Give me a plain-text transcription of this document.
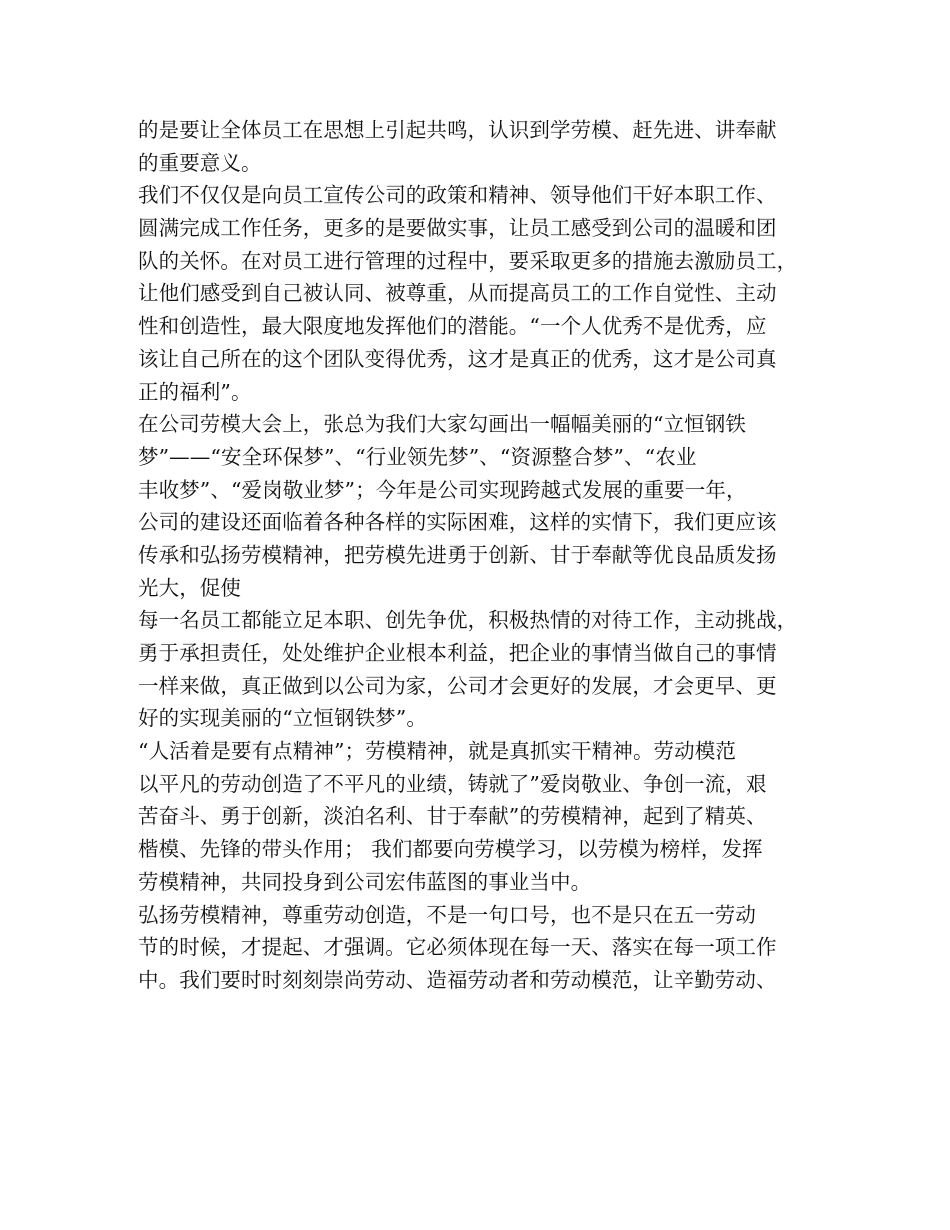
的是要让全体员工在思想上引起共鸣，认识到学劳模、赶先进、讲奉献
的重要意义。
我们不仅仅是向员工宣传公司的政策和精神、领导他们干好本职工作、
圆满完成工作任务，更多的是要做实事，让员工感受到公司的温暖和团
队的关怀。在对员工进行管理的过程中，要采取更多的措施去激励员工，
让他们感受到自己被认同、被尊重，从而提高员工的工作自觉性、主动
性和创造性，最大限度地发挥他们的潜能。“一个人优秀不是优秀，应
该让自己所在的这个团队变得优秀，这才是真正的优秀，这才是公司真
正的福利”。
在公司劳模大会上，张总为我们大家勾画出一幅幅美丽的“立恒钢铁
梦”——“安全环保梦”、“行业领先梦”、“资源整合梦”、“农业
丰收梦”、“爱岗敬业梦”；今年是公司实现跨越式发展的重要一年，
公司的建设还面临着各种各样的实际困难，这样的实情下，我们更应该
传承和弘扬劳模精神，把劳模先进勇于创新、甘于奉献等优良品质发扬
光大，促使
每一名员工都能立足本职、创先争优，积极热情的对待工作，主动挑战，
勇于承担责任，处处维护企业根本利益，把企业的事情当做自己的事情
一样来做，真正做到以公司为家，公司才会更好的发展，才会更早、更
好的实现美丽的“立恒钢铁梦”。
“人活着是要有点精神”；劳模精神，就是真抓实干精神。劳动模范
以平凡的劳动创造了不平凡的业绩，铸就了”爱岗敬业、争创一流，艰
苦奋斗、勇于创新，淡泊名利、甘于奉献”的劳模精神，起到了精英、
楷模、先锋的带头作用； 我们都要向劳模学习，以劳模为榜样，发挥
劳模精神，共同投身到公司宏伟蓝图的事业当中。
弘扬劳模精神，尊重劳动创造，不是一句口号，也不是只在五一劳动
节的时候，才提起、才强调。它必须体现在每一天、落实在每一项工作
中。我们要时时刻刻崇尚劳动、造福劳动者和劳动模范，让辛勤劳动、
